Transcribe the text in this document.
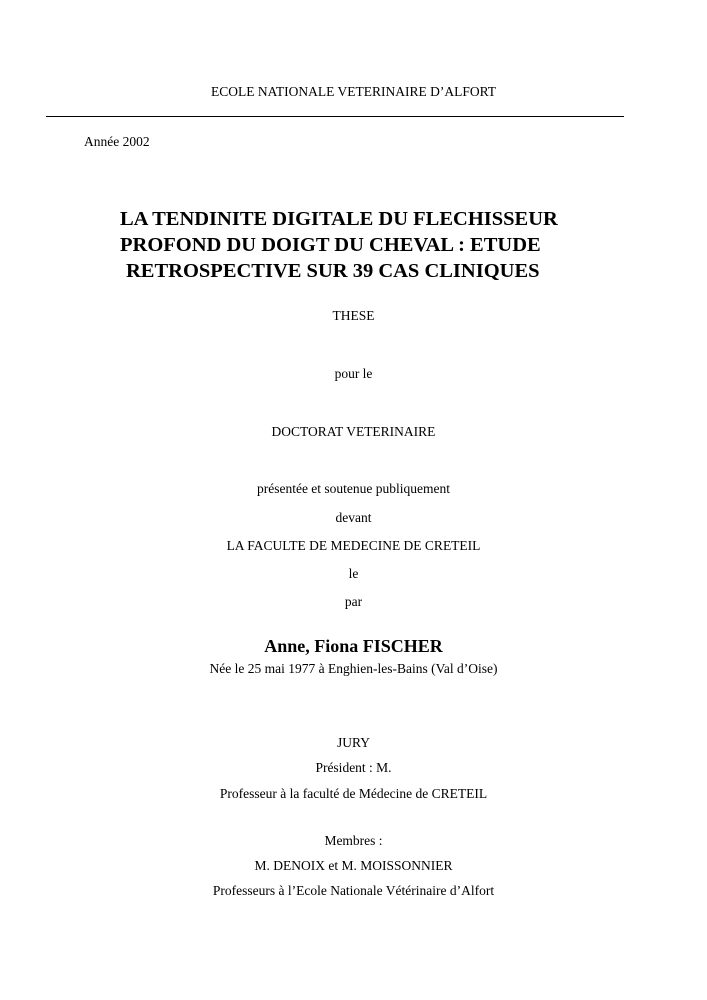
ECOLE NATIONALE VETERINAIRE D’ALFORT
Année 2002
LA TENDINITE DIGITALE DU FLECHISSEUR
PROFOND DU DOIGT DU CHEVAL : ETUDE
RETROSPECTIVE SUR 39 CAS CLINIQUES
THESE
pour le
DOCTORAT VETERINAIRE
présentée et soutenue publiquement
devant
LA FACULTE DE MEDECINE DE CRETEIL
le
par
Anne, Fiona FISCHER
Née le 25 mai 1977 à Enghien-les-Bains (Val d’Oise)
JURY
Président : M.
Professeur à la faculté de Médecine de CRETEIL
Membres :
M. DENOIX et M. MOISSONNIER
Professeurs à l’Ecole Nationale Vétérinaire d’Alfort
